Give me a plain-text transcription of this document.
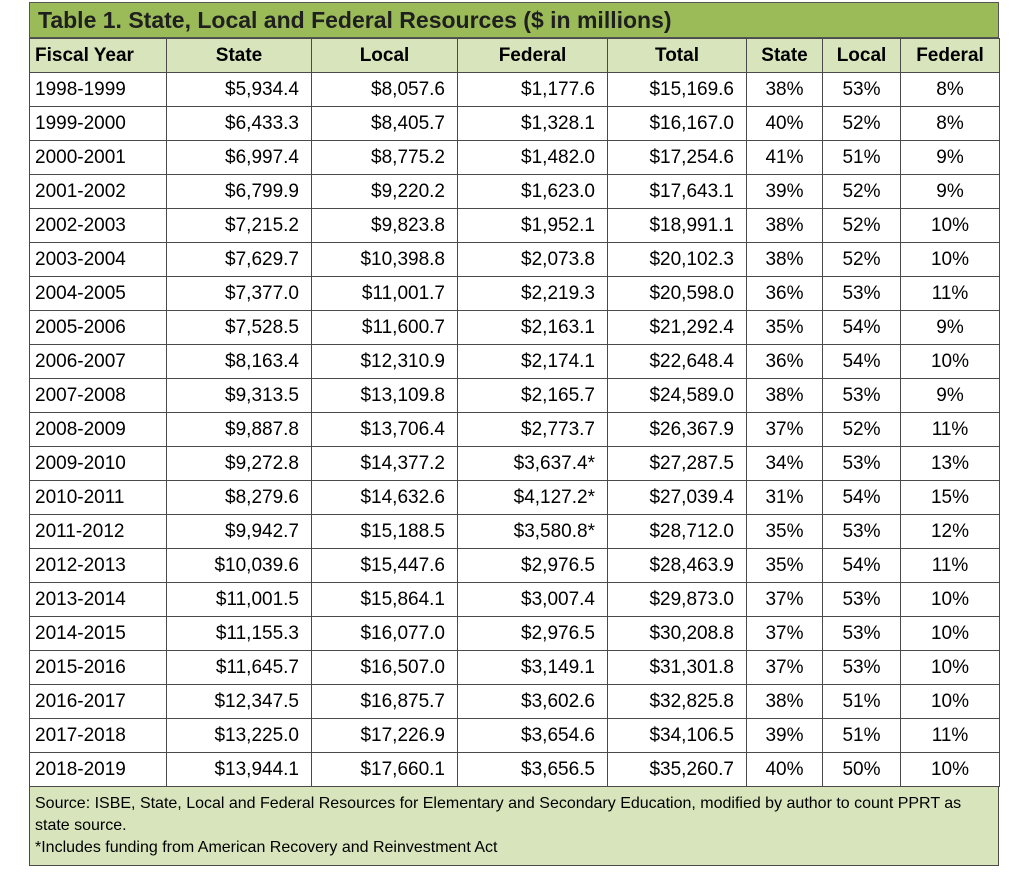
Table 1. State, Local and Federal Resources ($ in millions)
Fiscal Year	State	Local	Federal	Total	State	Local	Federal
1998-1999	$5,934.4	$8,057.6	$1,177.6	$15,169.6	38%	53%	8%
1999-2000	$6,433.3	$8,405.7	$1,328.1	$16,167.0	40%	52%	8%
2000-2001	$6,997.4	$8,775.2	$1,482.0	$17,254.6	41%	51%	9%
2001-2002	$6,799.9	$9,220.2	$1,623.0	$17,643.1	39%	52%	9%
2002-2003	$7,215.2	$9,823.8	$1,952.1	$18,991.1	38%	52%	10%
2003-2004	$7,629.7	$10,398.8	$2,073.8	$20,102.3	38%	52%	10%
2004-2005	$7,377.0	$11,001.7	$2,219.3	$20,598.0	36%	53%	11%
2005-2006	$7,528.5	$11,600.7	$2,163.1	$21,292.4	35%	54%	9%
2006-2007	$8,163.4	$12,310.9	$2,174.1	$22,648.4	36%	54%	10%
2007-2008	$9,313.5	$13,109.8	$2,165.7	$24,589.0	38%	53%	9%
2008-2009	$9,887.8	$13,706.4	$2,773.7	$26,367.9	37%	52%	11%
2009-2010	$9,272.8	$14,377.2	$3,637.4*	$27,287.5	34%	53%	13%
2010-2011	$8,279.6	$14,632.6	$4,127.2*	$27,039.4	31%	54%	15%
2011-2012	$9,942.7	$15,188.5	$3,580.8*	$28,712.0	35%	53%	12%
2012-2013	$10,039.6	$15,447.6	$2,976.5	$28,463.9	35%	54%	11%
2013-2014	$11,001.5	$15,864.1	$3,007.4	$29,873.0	37%	53%	10%
2014-2015	$11,155.3	$16,077.0	$2,976.5	$30,208.8	37%	53%	10%
2015-2016	$11,645.7	$16,507.0	$3,149.1	$31,301.8	37%	53%	10%
2016-2017	$12,347.5	$16,875.7	$3,602.6	$32,825.8	38%	51%	10%
2017-2018	$13,225.0	$17,226.9	$3,654.6	$34,106.5	39%	51%	11%
2018-2019	$13,944.1	$17,660.1	$3,656.5	$35,260.7	40%	50%	10%
Source: ISBE, State, Local and Federal Resources for Elementary and Secondary Education, modified by author to count PPRT as state source.
*Includes funding from American Recovery and Reinvestment Act
